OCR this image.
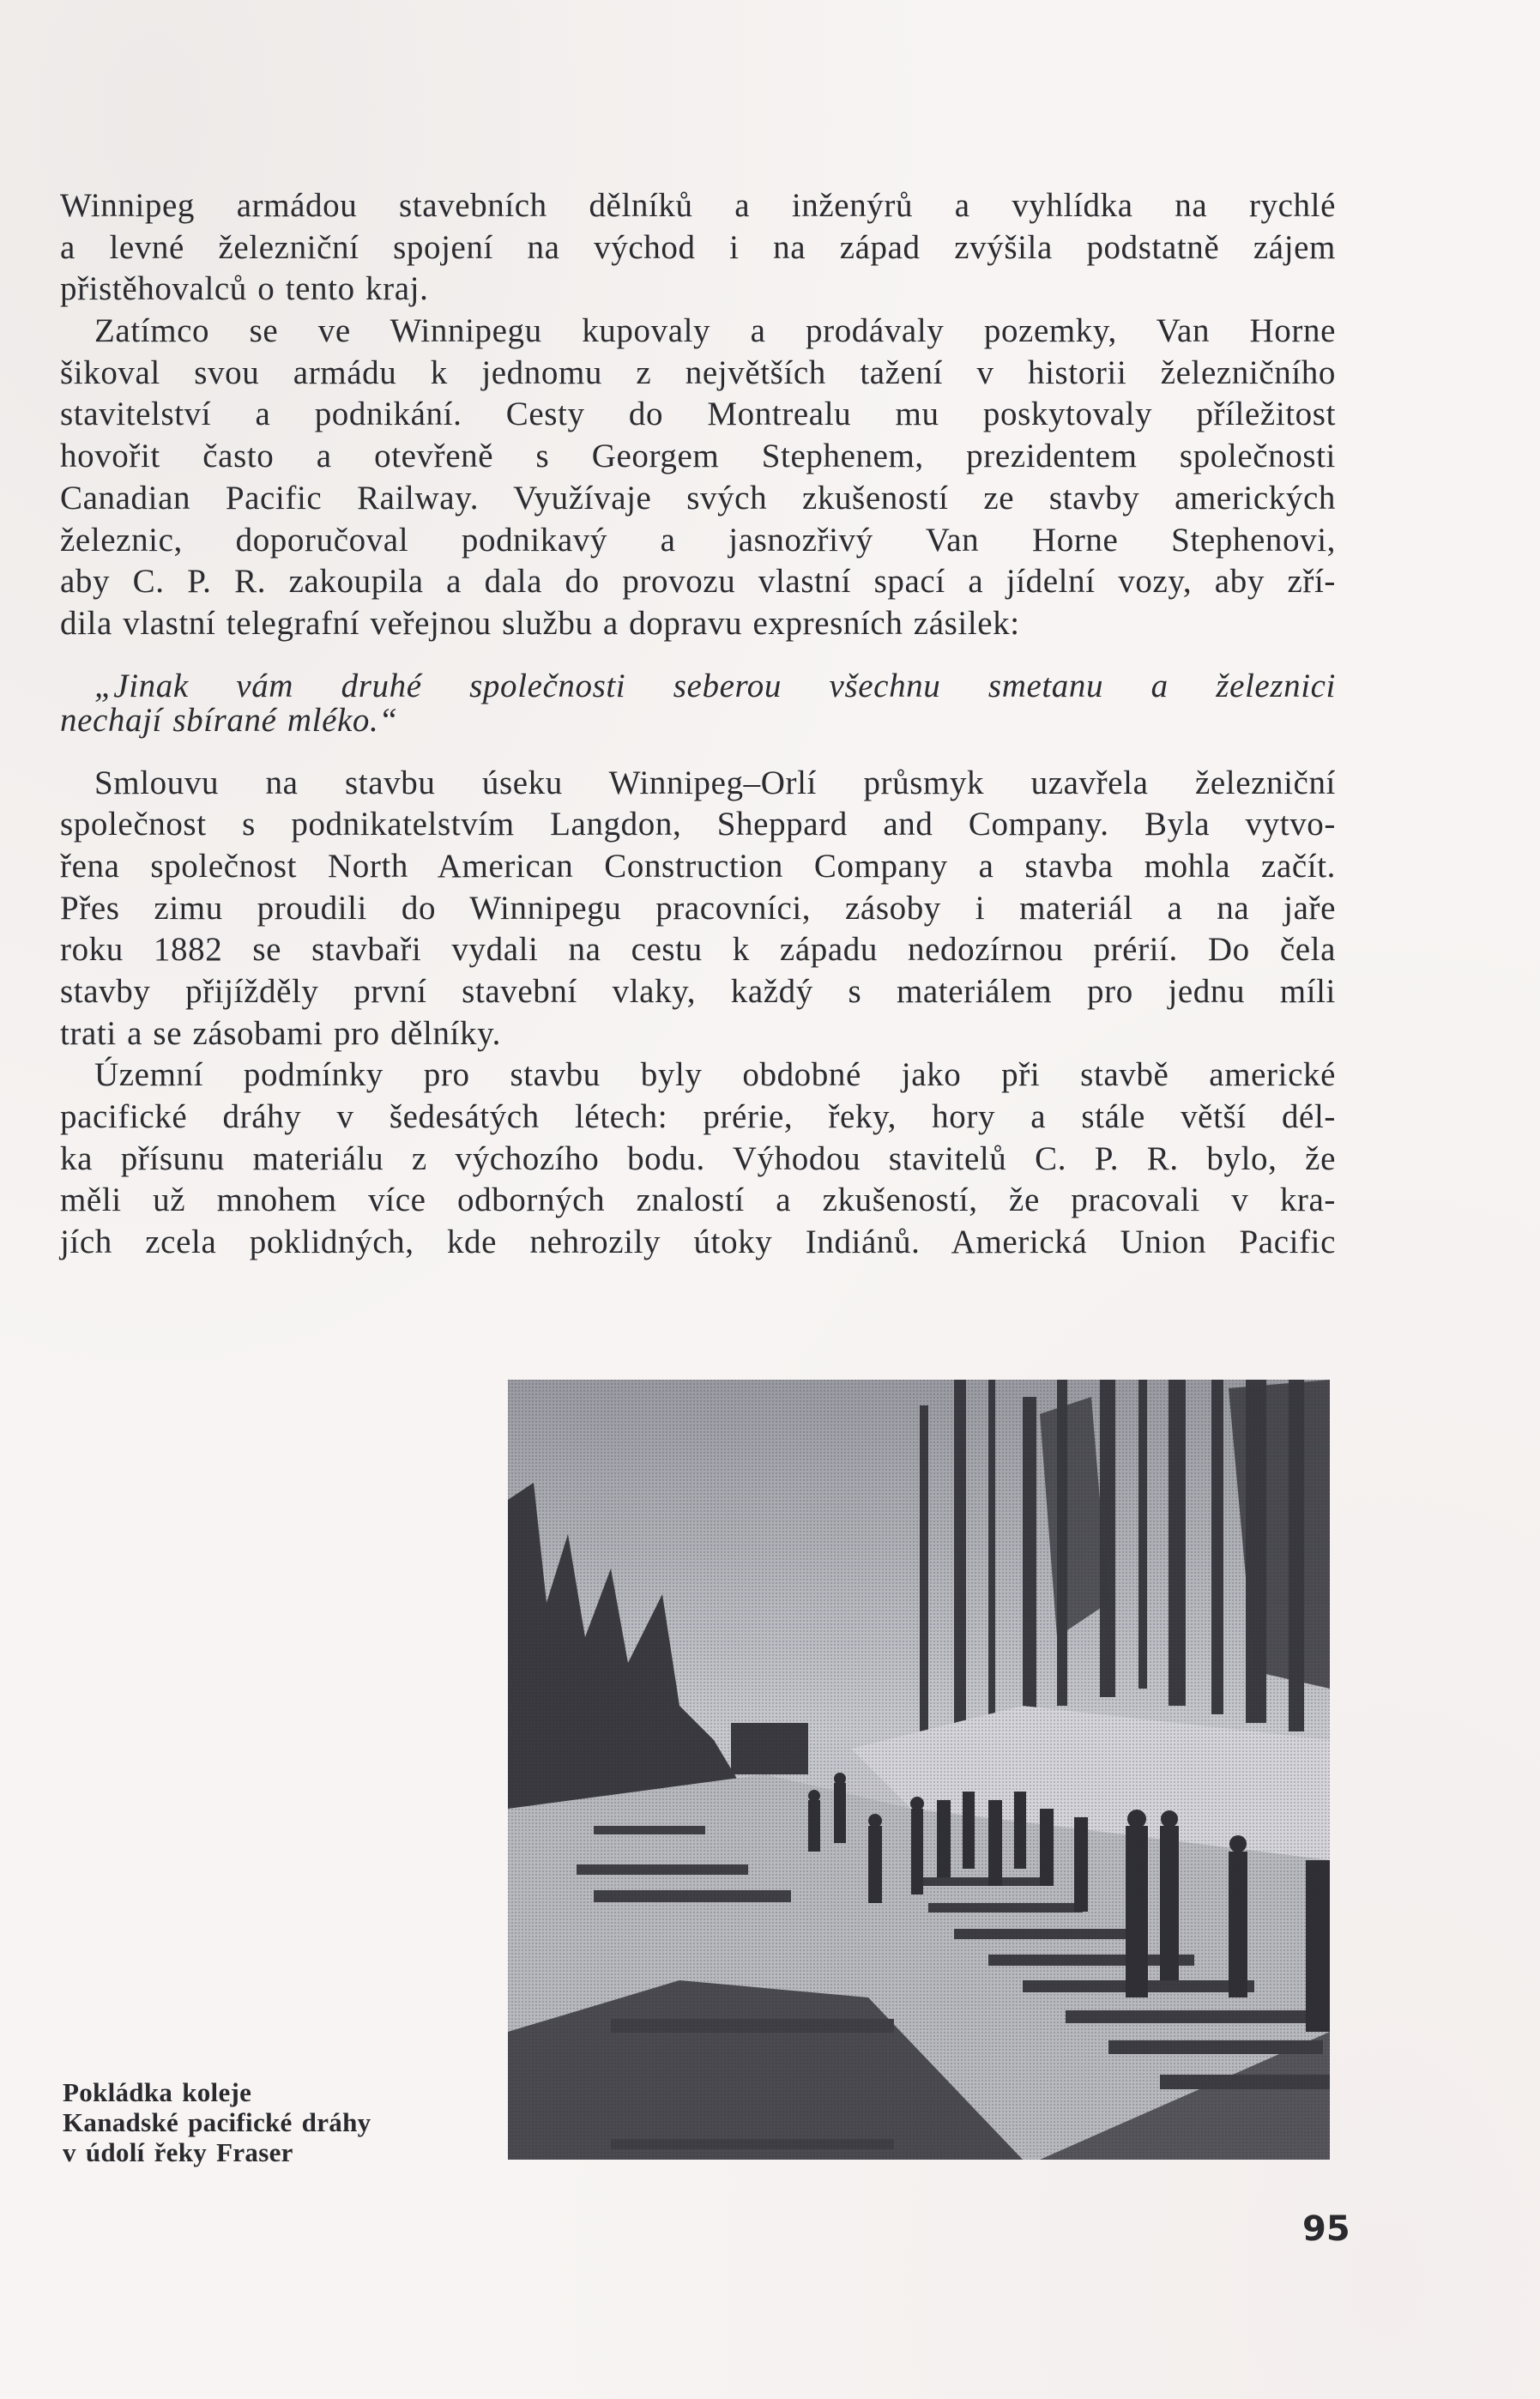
Winnipeg armádou stavebních dělníků a inženýrů a vyhlídka na rychlé
a levné železniční spojení na východ i na západ zvýšila podstatně zájem
přistěhovalců o tento kraj.
Zatímco se ve Winnipegu kupovaly a prodávaly pozemky, Van Horne
šikoval svou armádu k jednomu z největších tažení v historii železničního
stavitelství a podnikání. Cesty do Montrealu mu poskytovaly příležitost
hovořit často a otevřeně s Georgem Stephenem, prezidentem společnosti
Canadian Pacific Railway. Využívaje svých zkušeností ze stavby amerických
železnic, doporučoval podnikavý a jasnozřivý Van Horne Stephenovi,
aby C. P. R. zakoupila a dala do provozu vlastní spací a jídelní vozy, aby zří-
dila vlastní telegrafní veřejnou službu a dopravu expresních zásilek:
„Jinak vám druhé společnosti seberou všechnu smetanu a železnici
nechají sbírané mléko.“
Smlouvu na stavbu úseku Winnipeg–Orlí průsmyk uzavřela železniční
společnost s podnikatelstvím Langdon, Sheppard and Company. Byla vytvo-
řena společnost North American Construction Company a stavba mohla začít.
Přes zimu proudili do Winnipegu pracovníci, zásoby i materiál a na jaře
roku 1882 se stavbaři vydali na cestu k západu nedozírnou prérií. Do čela
stavby přijížděly první stavební vlaky, každý s materiálem pro jednu míli
trati a se zásobami pro dělníky.
Územní podmínky pro stavbu byly obdobné jako při stavbě americké
pacifické dráhy v šedesátých létech: prérie, řeky, hory a stále větší dél-
ka přísunu materiálu z výchozího bodu. Výhodou stavitelů C. P. R. bylo, že
měli už mnohem více odborných znalostí a zkušeností, že pracovali v kra-
jích zcela poklidných, kde nehrozily útoky Indiánů. Americká Union Pacific
Pokládka koleje
Kanadské pacifické dráhy
v údolí řeky Fraser
95
